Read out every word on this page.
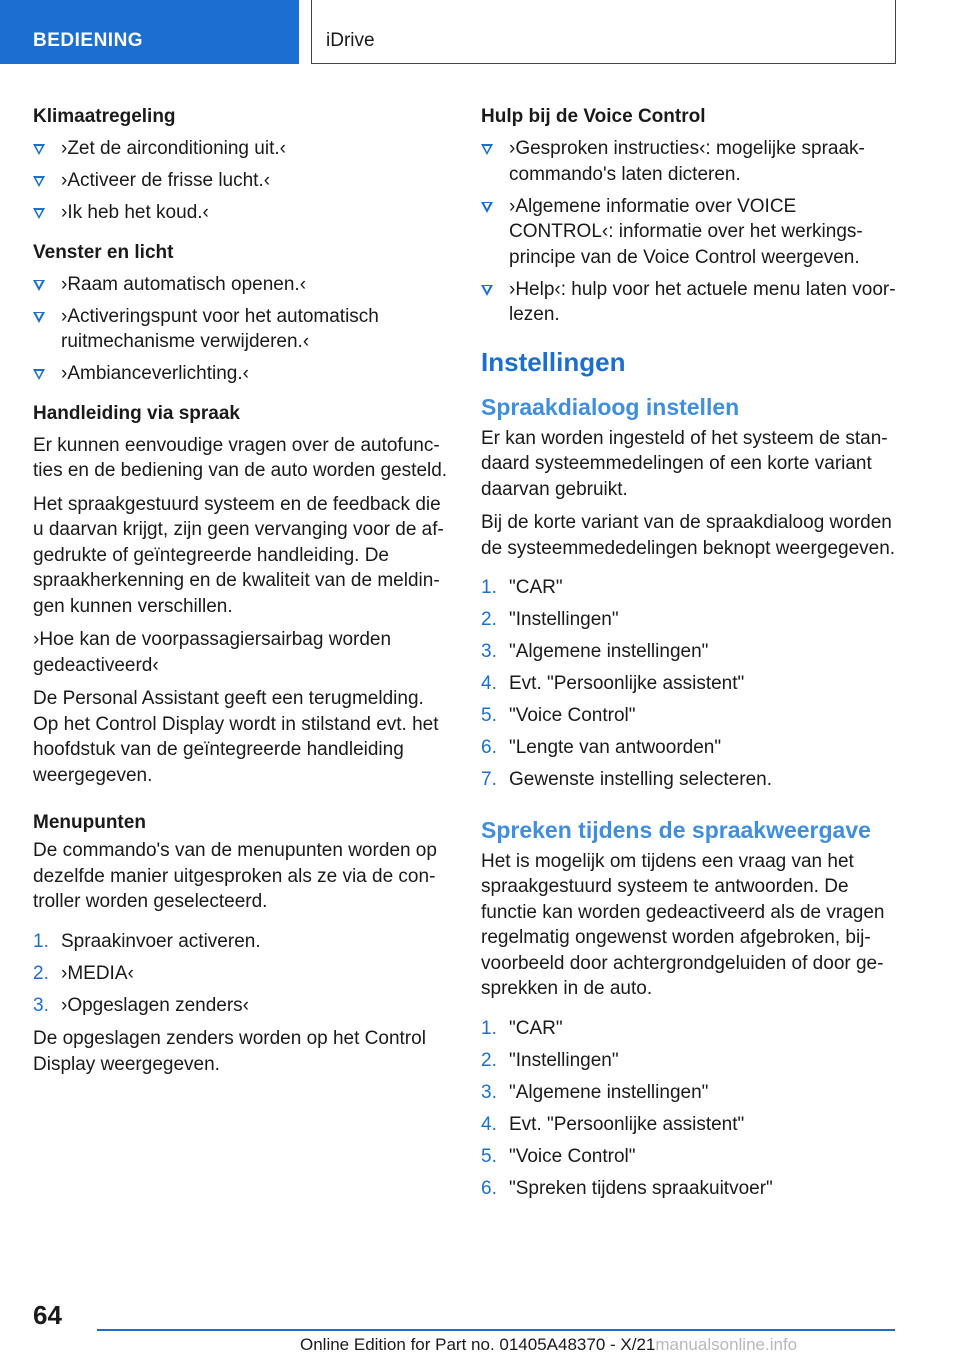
BEDIENING	iDrive
Klimaatregeling
›Zet de airconditioning uit.‹
›Activeer de frisse lucht.‹
›Ik heb het koud.‹
Venster en licht
›Raam automatisch openen.‹
›Activeringspunt voor het automatisch ruitmechanisme verwijderen.‹
›Ambianceverlichting.‹
Handleiding via spraak

Er kunnen eenvoudige vragen over de autofuncties en de bediening van de auto worden gesteld.

Het spraakgestuurd systeem en de feedback die u daarvan krijgt, zijn geen vervanging voor de afgedrukte of geïntegreerde handleiding. De spraakherkenning en de kwaliteit van de meldingen kunnen verschillen.

›Hoe kan de voorpassagiersairbag worden gedeactiveerd‹

De Personal Assistant geeft een terugmelding. Op het Control Display wordt in stilstand evt. het hoofdstuk van de geïntegreerde handleiding weergegeven.

Menupunten

De commando's van de menupunten worden op dezelfde manier uitgesproken als ze via de controller worden geselecteerd.

1. Spraakinvoer activeren.
2. ›MEDIA‹
3. ›Opgeslagen zenders‹

De opgeslagen zenders worden op het Control Display weergegeven.

Hulp bij de Voice Control
›Gesproken instructies‹: mogelijke spraakcommando's laten dicteren.
›Algemene informatie over VOICE CONTROL‹: informatie over het werkingsprincipe van de Voice Control weergeven.
›Help‹: hulp voor het actuele menu laten voorlezen.
Instellingen
Spraakdialoog instellen

Er kan worden ingesteld of het systeem de standaard systeemmedelingen of een korte variant daarvan gebruikt.

Bij de korte variant van de spraakdialoog worden de systeemmededelingen beknopt weergegeven.

1. "CAR"
2. "Instellingen"
3. "Algemene instellingen"
4. Evt. "Persoonlijke assistent"
5. "Voice Control"
6. "Lengte van antwoorden"
7. Gewenste instelling selecteren.
Spreken tijdens de spraakweergave

Het is mogelijk om tijdens een vraag van het spraakgestuurd systeem te antwoorden. De functie kan worden gedeactiveerd als de vragen regelmatig ongewenst worden afgebroken, bijvoorbeeld door achtergrondgeluiden of door gesprekken in de auto.

1. "CAR"
2. "Instellingen"
3. "Algemene instellingen"
4. Evt. "Persoonlijke assistent"
5. "Voice Control"
6. "Spreken tijdens spraakuitvoer"
64
Online Edition for Part no. 01405A48370 - X/21manualsonline.info
